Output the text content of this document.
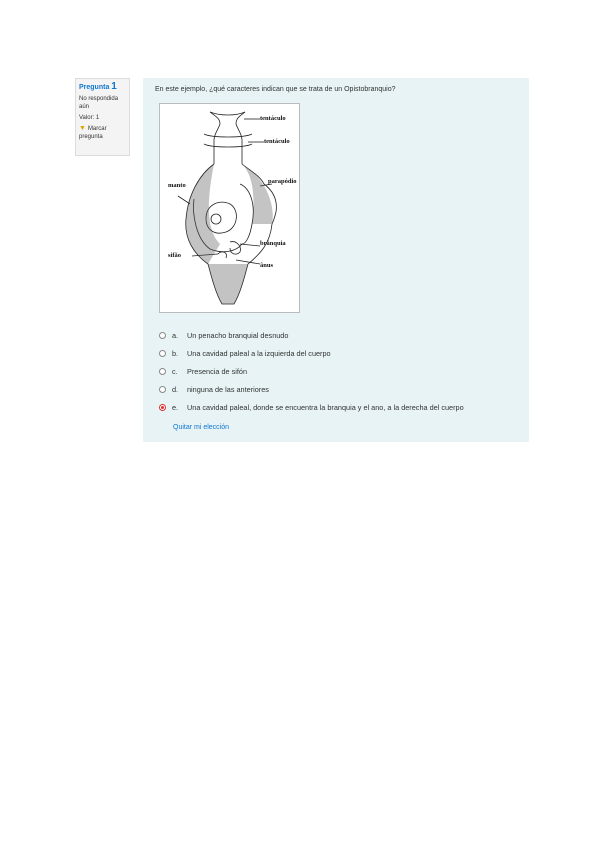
Pregunta 1
No respondida aún
Valor: 1
▼ Marcar pregunta
En este ejemplo, ¿qué caracteres indican que se trata de un Opistobranquio?
tentáculo
tentáculo
manto
parapódio
brânquia
sifão
ânus
a. Un penacho branquial desnudo
b. Una cavidad paleal a la izquierda del cuerpo
c. Presencia de sifón
d. ninguna de las anteriores
e. Una cavidad paleal, donde se encuentra la branquia y el ano, a la derecha del cuerpo
Quitar mi elección
